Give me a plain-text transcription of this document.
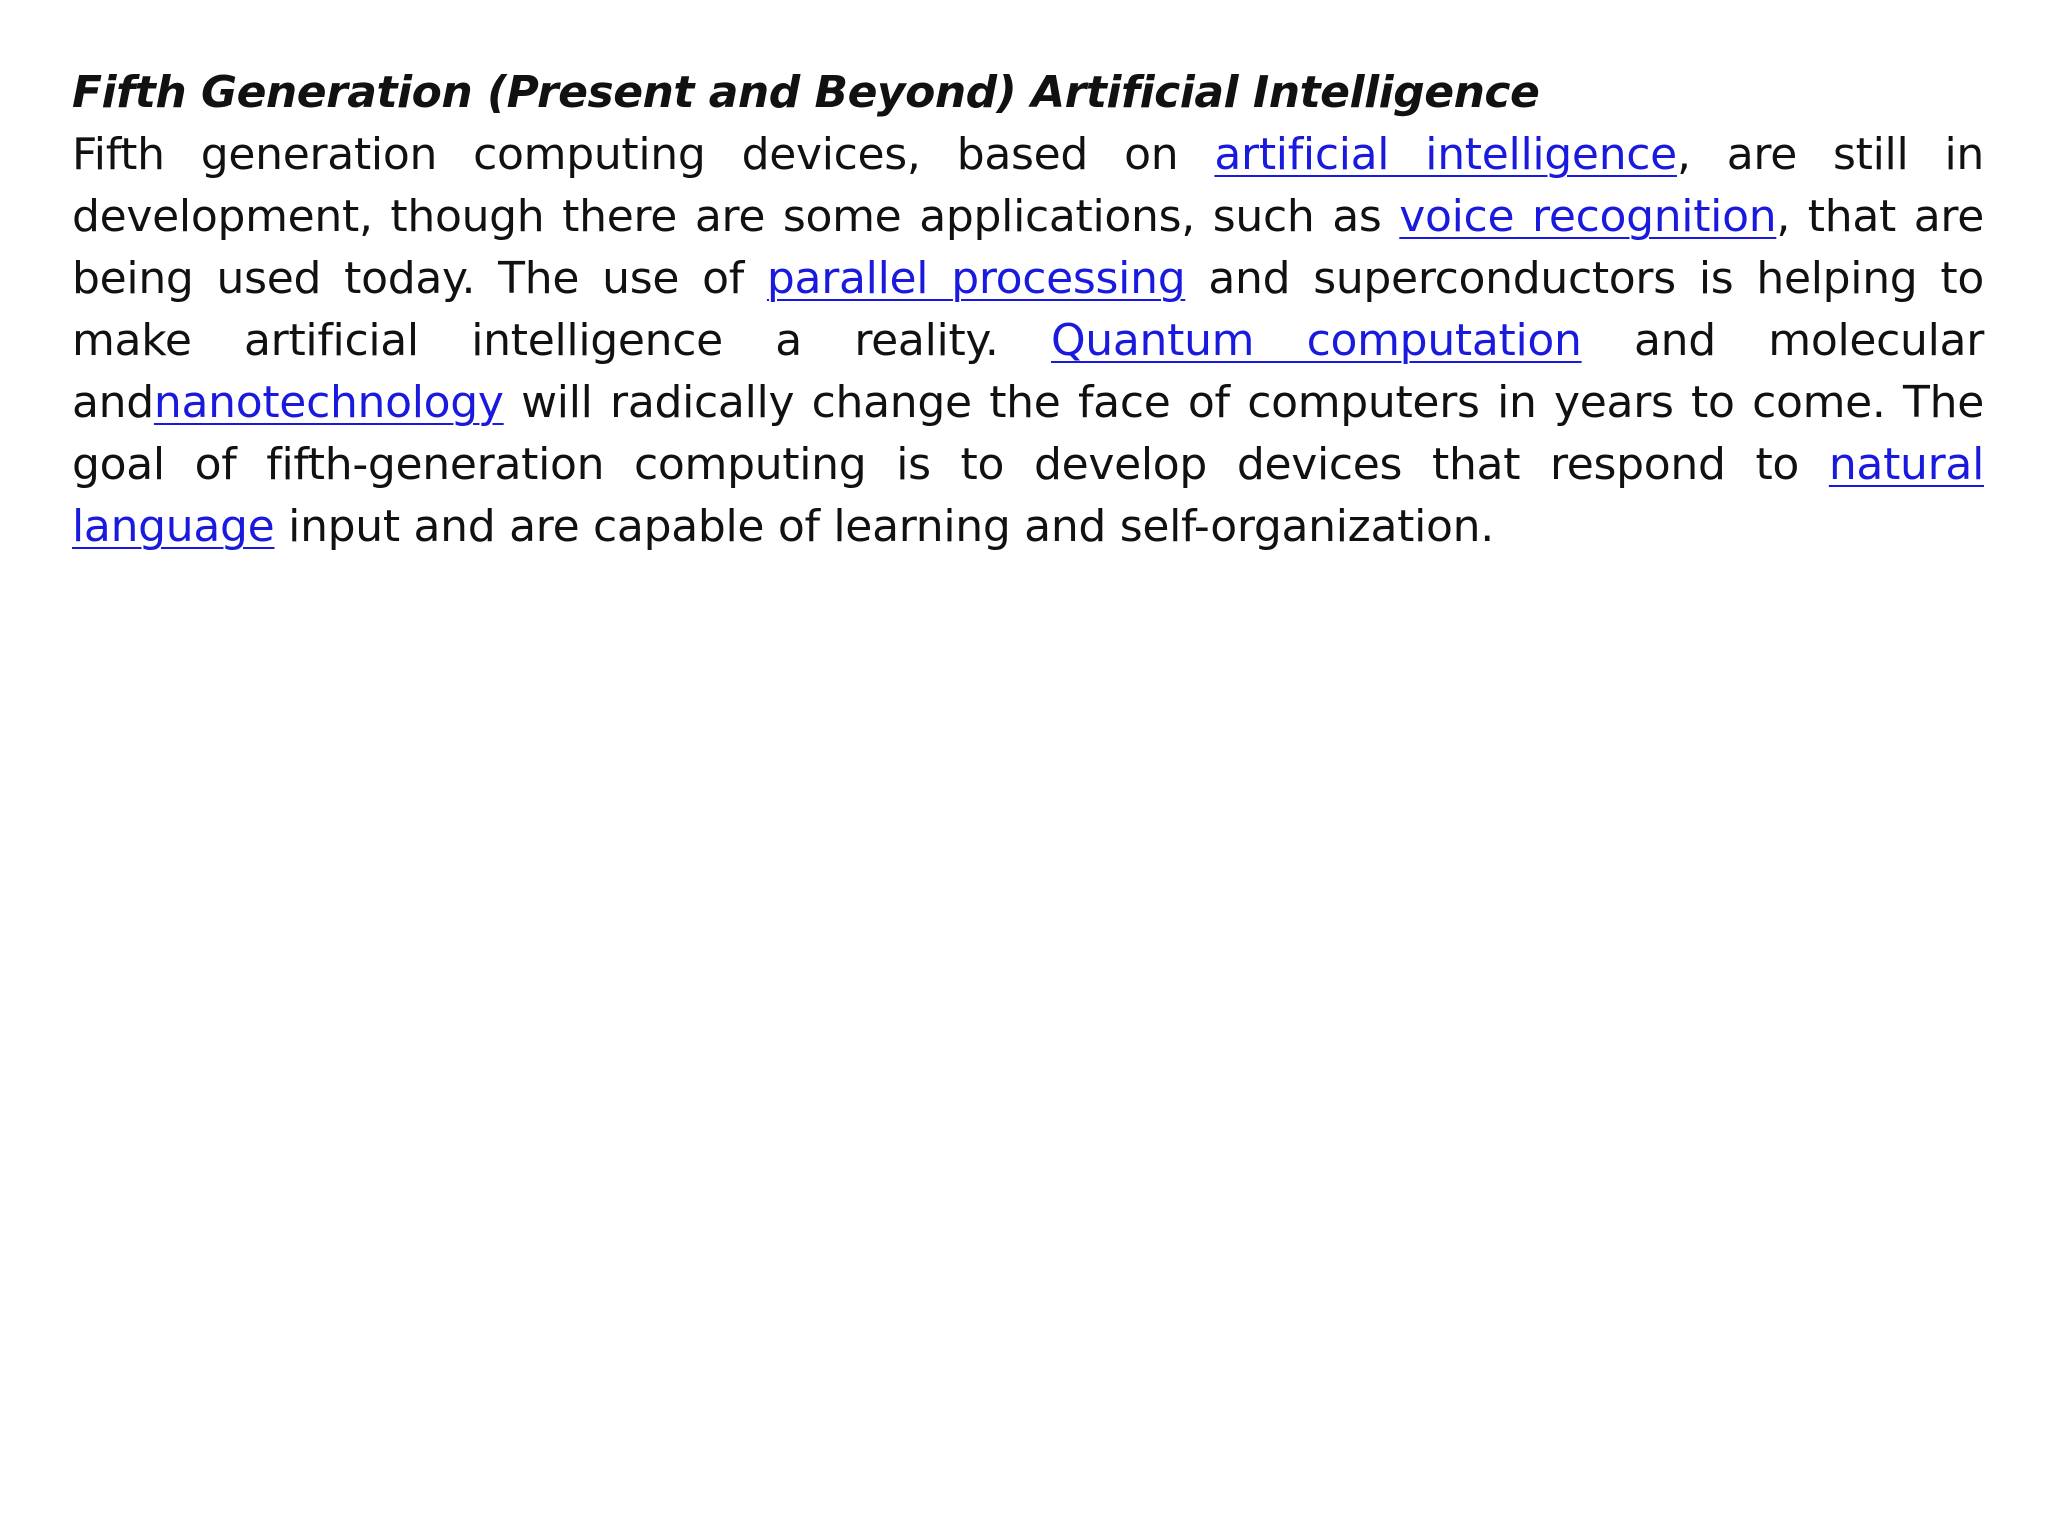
Fifth Generation (Present and Beyond) Artificial Intelligence

Fifth generation computing devices, based on artificial intelligence, are still in development, though there are some applications, such as voice recognition, that are being used today. The use of parallel processing and superconductors is helping to make artificial intelligence a reality. Quantum computation and molecular andnanotechnology will radically change the face of computers in years to come. The goal of fifth-generation computing is to develop devices that respond to natural language input and are capable of learning and self-organization.
